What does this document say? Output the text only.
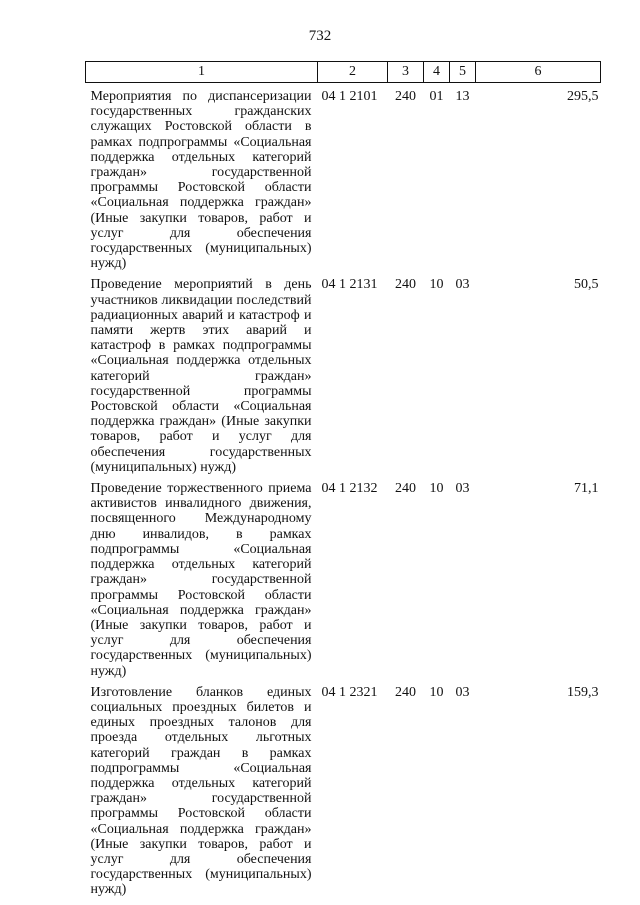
732
1	2	3	4	5	6

Мероприятия по диспансеризации государственных гражданских служащих Ростовской области в рамках подпрограммы «Социальная поддержка отдельных категорий граждан» государственной программы Ростовской области «Социальная поддержка граждан» (Иные закупки товаров, работ и услуг для обеспечения государственных (муниципальных) нужд)	04 1 2101	240	01	13	295,5
Проведение мероприятий в день участников ликвидации последствий радиационных аварий и катастроф и памяти жертв этих аварий и катастроф в рамках подпрограммы «Социальная поддержка отдельных категорий граждан» государственной программы Ростовской области «Социальная поддержка граждан» (Иные закупки товаров, работ и услуг для обеспечения государственных (муниципальных) нужд)	04 1 2131	240	10	03	50,5
Проведение торжественного приема активистов инвалидного движения, посвященного Международному дню инвалидов, в рамках подпрограммы «Социальная поддержка отдельных категорий граждан» государственной программы Ростовской области «Социальная поддержка граждан» (Иные закупки товаров, работ и услуг для обеспечения государственных (муниципальных) нужд)	04 1 2132	240	10	03	71,1
Изготовление бланков единых социальных проездных билетов и единых проездных талонов для проезда отдельных льготных категорий граждан в рамках подпрограммы «Социальная поддержка отдельных категорий граждан» государственной программы Ростовской области «Социальная поддержка граждан» (Иные закупки товаров, работ и услуг для обеспечения государственных (муниципальных) нужд)	04 1 2321	240	10	03	159,3
